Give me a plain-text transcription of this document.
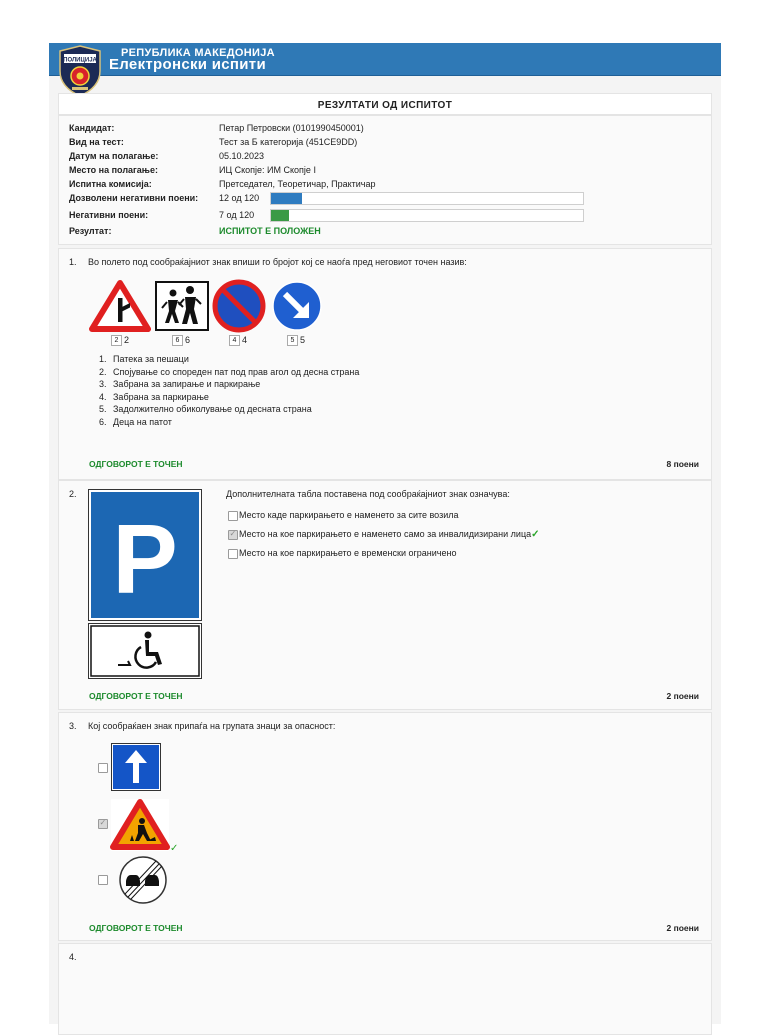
ПОЛИЦИЈА
РЕПУБЛИКА МАКЕДОНИЈА
Електронски испити
РЕЗУЛТАТИ ОД ИСПИТОТ
Кандидат:	Петар Петровски (0101990450001)
Вид на тест:	Тест за Б категорија (451CE9DD)
Датум на полагање:	05.10.2023
Место на полагање:	ИЦ Скопје: ИМ Скопје I
Испитна комисија:	Претседател, Теоретичар, Практичар
Дозволени негативни поени:	12 од 120
Негативни поени:	7 од 120
Резултат:	ИСПИТОТ Е ПОЛОЖЕН
1. Во полето под сообраќајниот знак впиши го бројот кој се наоѓа пред неговиот точен назив:
2 2	6 6	4 4	5 5
1. Патека за пешаци
2. Спојување со споредeн пат под прав агол од десна страна
3. Забрана за запирање и паркирање
4. Забрана за паркирање
5. Задолжително обиколување од десната страна
6. Деца на патот
ОДГОВОРОТ Е ТОЧЕН	8 поени
2.
P
Дополнителната табла поставена под сообраќајниот знак означува:
Место каде паркирањето е наменето за сите возила
✓
Место на кое паркирањето е наменето само за инвалидизирани лица✓
Место на кое паркирањето е временски ограничено
ОДГОВОРОТ Е ТОЧЕН	2 поени
3. Кој сообраќаен знак припаѓа на групата знаци за опасност:
✓
✓
ОДГОВОРОТ Е ТОЧЕН	2 поени
4.
